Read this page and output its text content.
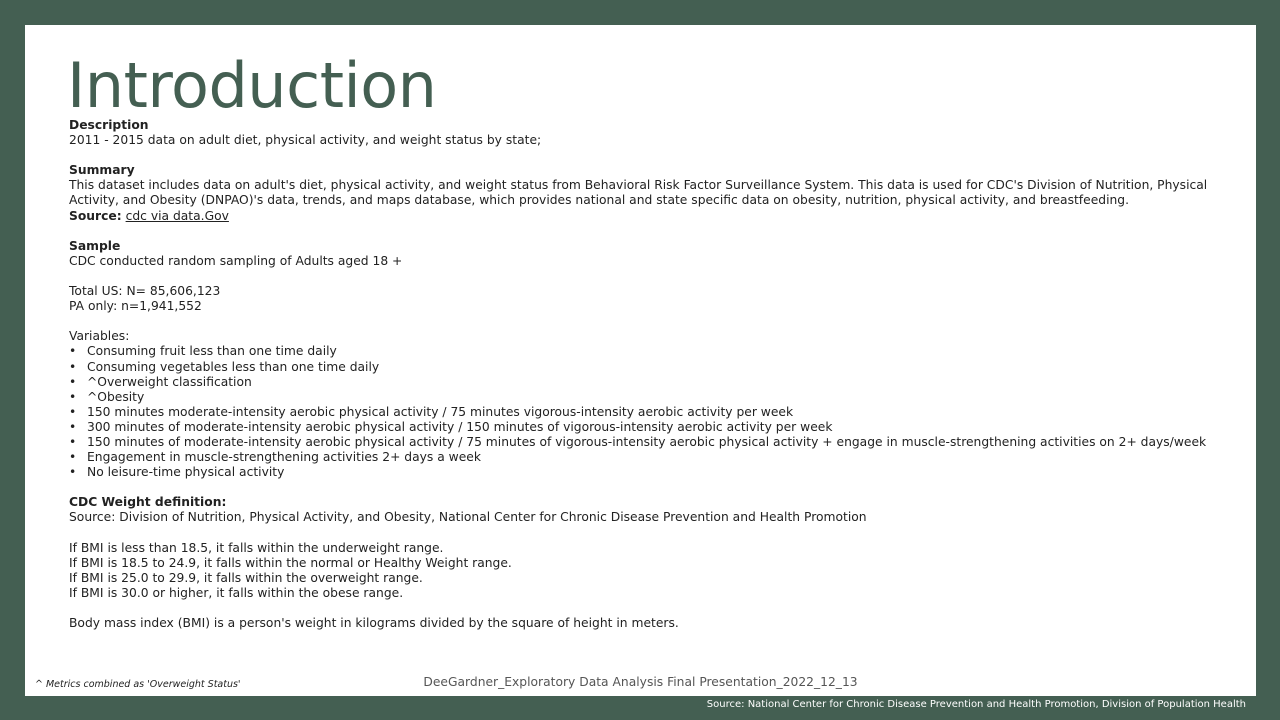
Introduction
Description
2011 - 2015 data on adult diet, physical activity, and weight status by state;
Summary
This dataset includes data on adult's diet, physical activity, and weight status from Behavioral Risk Factor Surveillance System. This data is used for CDC's Division of Nutrition, Physical Activity, and Obesity (DNPAO)'s data, trends, and maps database, which provides national and state specific data on obesity, nutrition, physical activity, and breastfeeding.
Source: cdc via data.Gov
Sample
CDC conducted random sampling of Adults aged 18 +
Total US: N= 85,606,123
PA only: n=1,941,552
Variables:
• Consuming fruit less than one time daily
• Consuming vegetables less than one time daily
• ^Overweight classification
• ^Obesity
• 150 minutes moderate-intensity aerobic physical activity / 75 minutes vigorous-intensity aerobic activity per week
• 300 minutes of moderate-intensity aerobic physical activity / 150 minutes of vigorous-intensity aerobic activity per week
• 150 minutes of moderate-intensity aerobic physical activity / 75 minutes of vigorous-intensity aerobic physical activity + engage in muscle-strengthening activities on 2+ days/week
• Engagement in muscle-strengthening activities 2+ days a week
• No leisure-time physical activity
CDC Weight definition:
Source: Division of Nutrition, Physical Activity, and Obesity, National Center for Chronic Disease Prevention and Health Promotion
If BMI is less than 18.5, it falls within the underweight range.
If BMI is 18.5 to 24.9, it falls within the normal or Healthy Weight range.
If BMI is 25.0 to 29.9, it falls within the overweight range.
If BMI is 30.0 or higher, it falls within the obese range.
Body mass index (BMI) is a person's weight in kilograms divided by the square of height in meters.
DeeGardner_Exploratory Data Analysis Final Presentation_2022_12_13
^ Metrics combined as 'Overweight Status'
Source: National Center for Chronic Disease Prevention and Health Promotion, Division of Population Health
